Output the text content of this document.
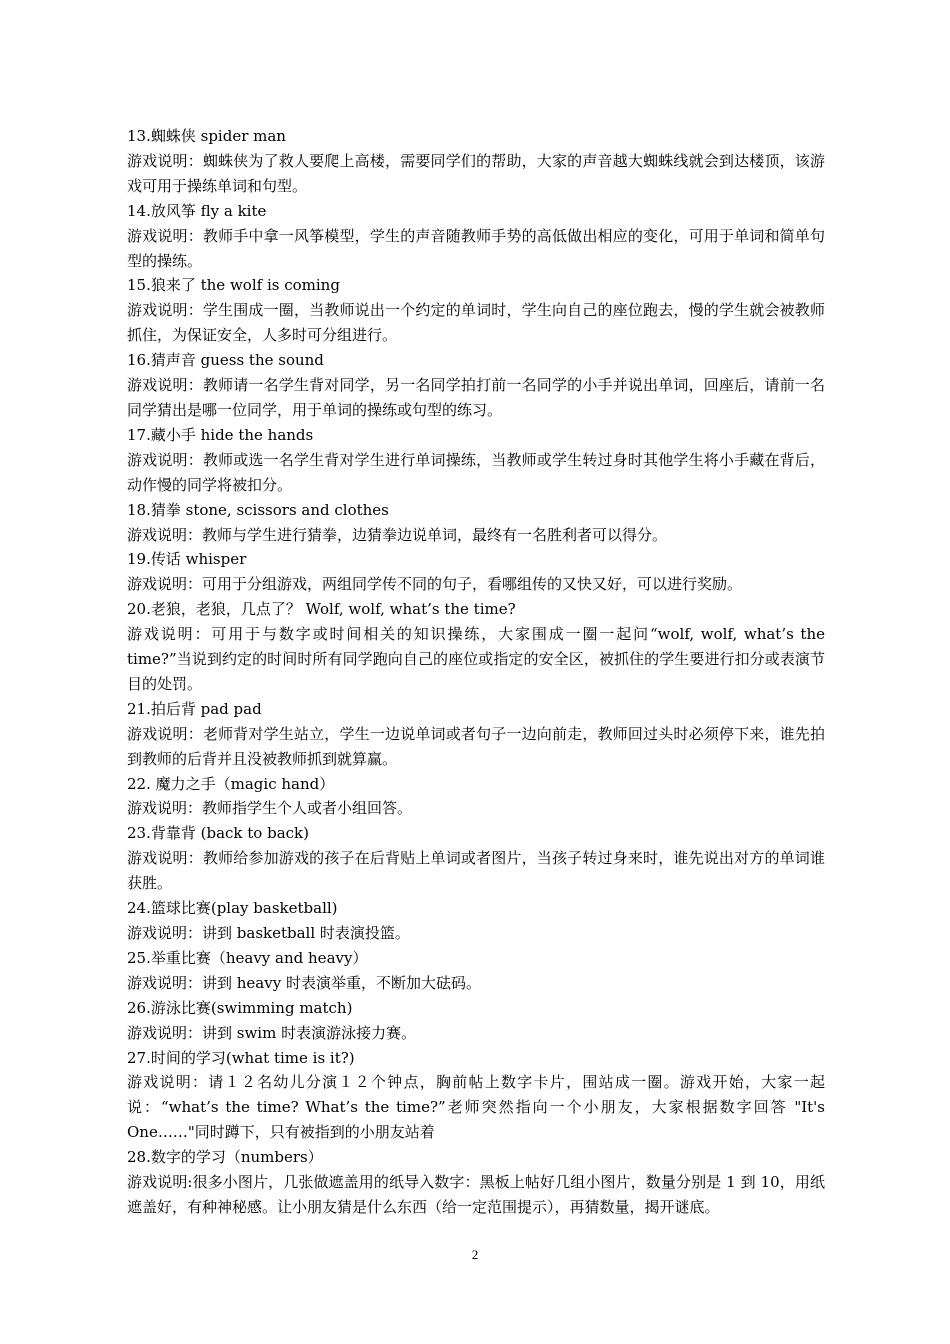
13.蜘蛛侠 spider man

游戏说明：蜘蛛侠为了救人要爬上高楼，需要同学们的帮助，大家的声音越大蜘蛛线就会到达楼顶，该游戏可用于操练单词和句型。

14.放风筝 fly a kite

游戏说明：教师手中拿一风筝模型，学生的声音随教师手势的高低做出相应的变化，可用于单词和简单句型的操练。

15.狼来了 the wolf is coming

游戏说明：学生围成一圈，当教师说出一个约定的单词时，学生向自己的座位跑去，慢的学生就会被教师抓住，为保证安全，人多时可分组进行。

16.猜声音 guess the sound

游戏说明：教师请一名学生背对同学，另一名同学拍打前一名同学的小手并说出单词，回座后，请前一名同学猜出是哪一位同学，用于单词的操练或句型的练习。

17.藏小手 hide the hands

游戏说明：教师或选一名学生背对学生进行单词操练，当教师或学生转过身时其他学生将小手藏在背后，动作慢的同学将被扣分。

18.猜拳 stone, scissors and clothes

游戏说明：教师与学生进行猜拳，边猜拳边说单词，最终有一名胜利者可以得分。

19.传话 whisper

游戏说明：可用于分组游戏，两组同学传不同的句子，看哪组传的又快又好，可以进行奖励。

20.老狼，老狼，几点了？ Wolf, wolf, what’s the time?

游戏说明：可用于与数字或时间相关的知识操练，大家围成一圈一起问“wolf, wolf, what’s the time?”当说到约定的时间时所有同学跑向自己的座位或指定的安全区，被抓住的学生要进行扣分或表演节目的处罚。

21.拍后背 pad pad

游戏说明：老师背对学生站立，学生一边说单词或者句子一边向前走，教师回过头时必须停下来，谁先拍到教师的后背并且没被教师抓到就算赢。

22. 魔力之手（magic hand）

游戏说明：教师指学生个人或者小组回答。

23.背靠背 (back to back)

游戏说明：教师给参加游戏的孩子在后背贴上单词或者图片，当孩子转过身来时，谁先说出对方的单词谁获胜。

24.篮球比赛(play basketball)

游戏说明：讲到 basketball 时表演投篮。

25.举重比赛（heavy and heavy）

游戏说明：讲到 heavy 时表演举重，不断加大砝码。

26.游泳比赛(swimming match)

游戏说明：讲到 swim 时表演游泳接力赛。

27.时间的学习(what time is it?)

游戏说明：请１２名幼儿分演１２个钟点，胸前帖上数字卡片，围站成一圈。游戏开始，大家一起说：“what’s the time? What’s the time?”老师突然指向一个小朋友，大家根据数字回答 "It's One……"同时蹲下，只有被指到的小朋友站着

28.数字的学习（numbers）

游戏说明:很多小图片，几张做遮盖用的纸导入数字：黑板上帖好几组小图片，数量分别是 1 到 10，用纸遮盖好，有种神秘感。让小朋友猜是什么东西（给一定范围提示），再猜数量，揭开谜底。

2
